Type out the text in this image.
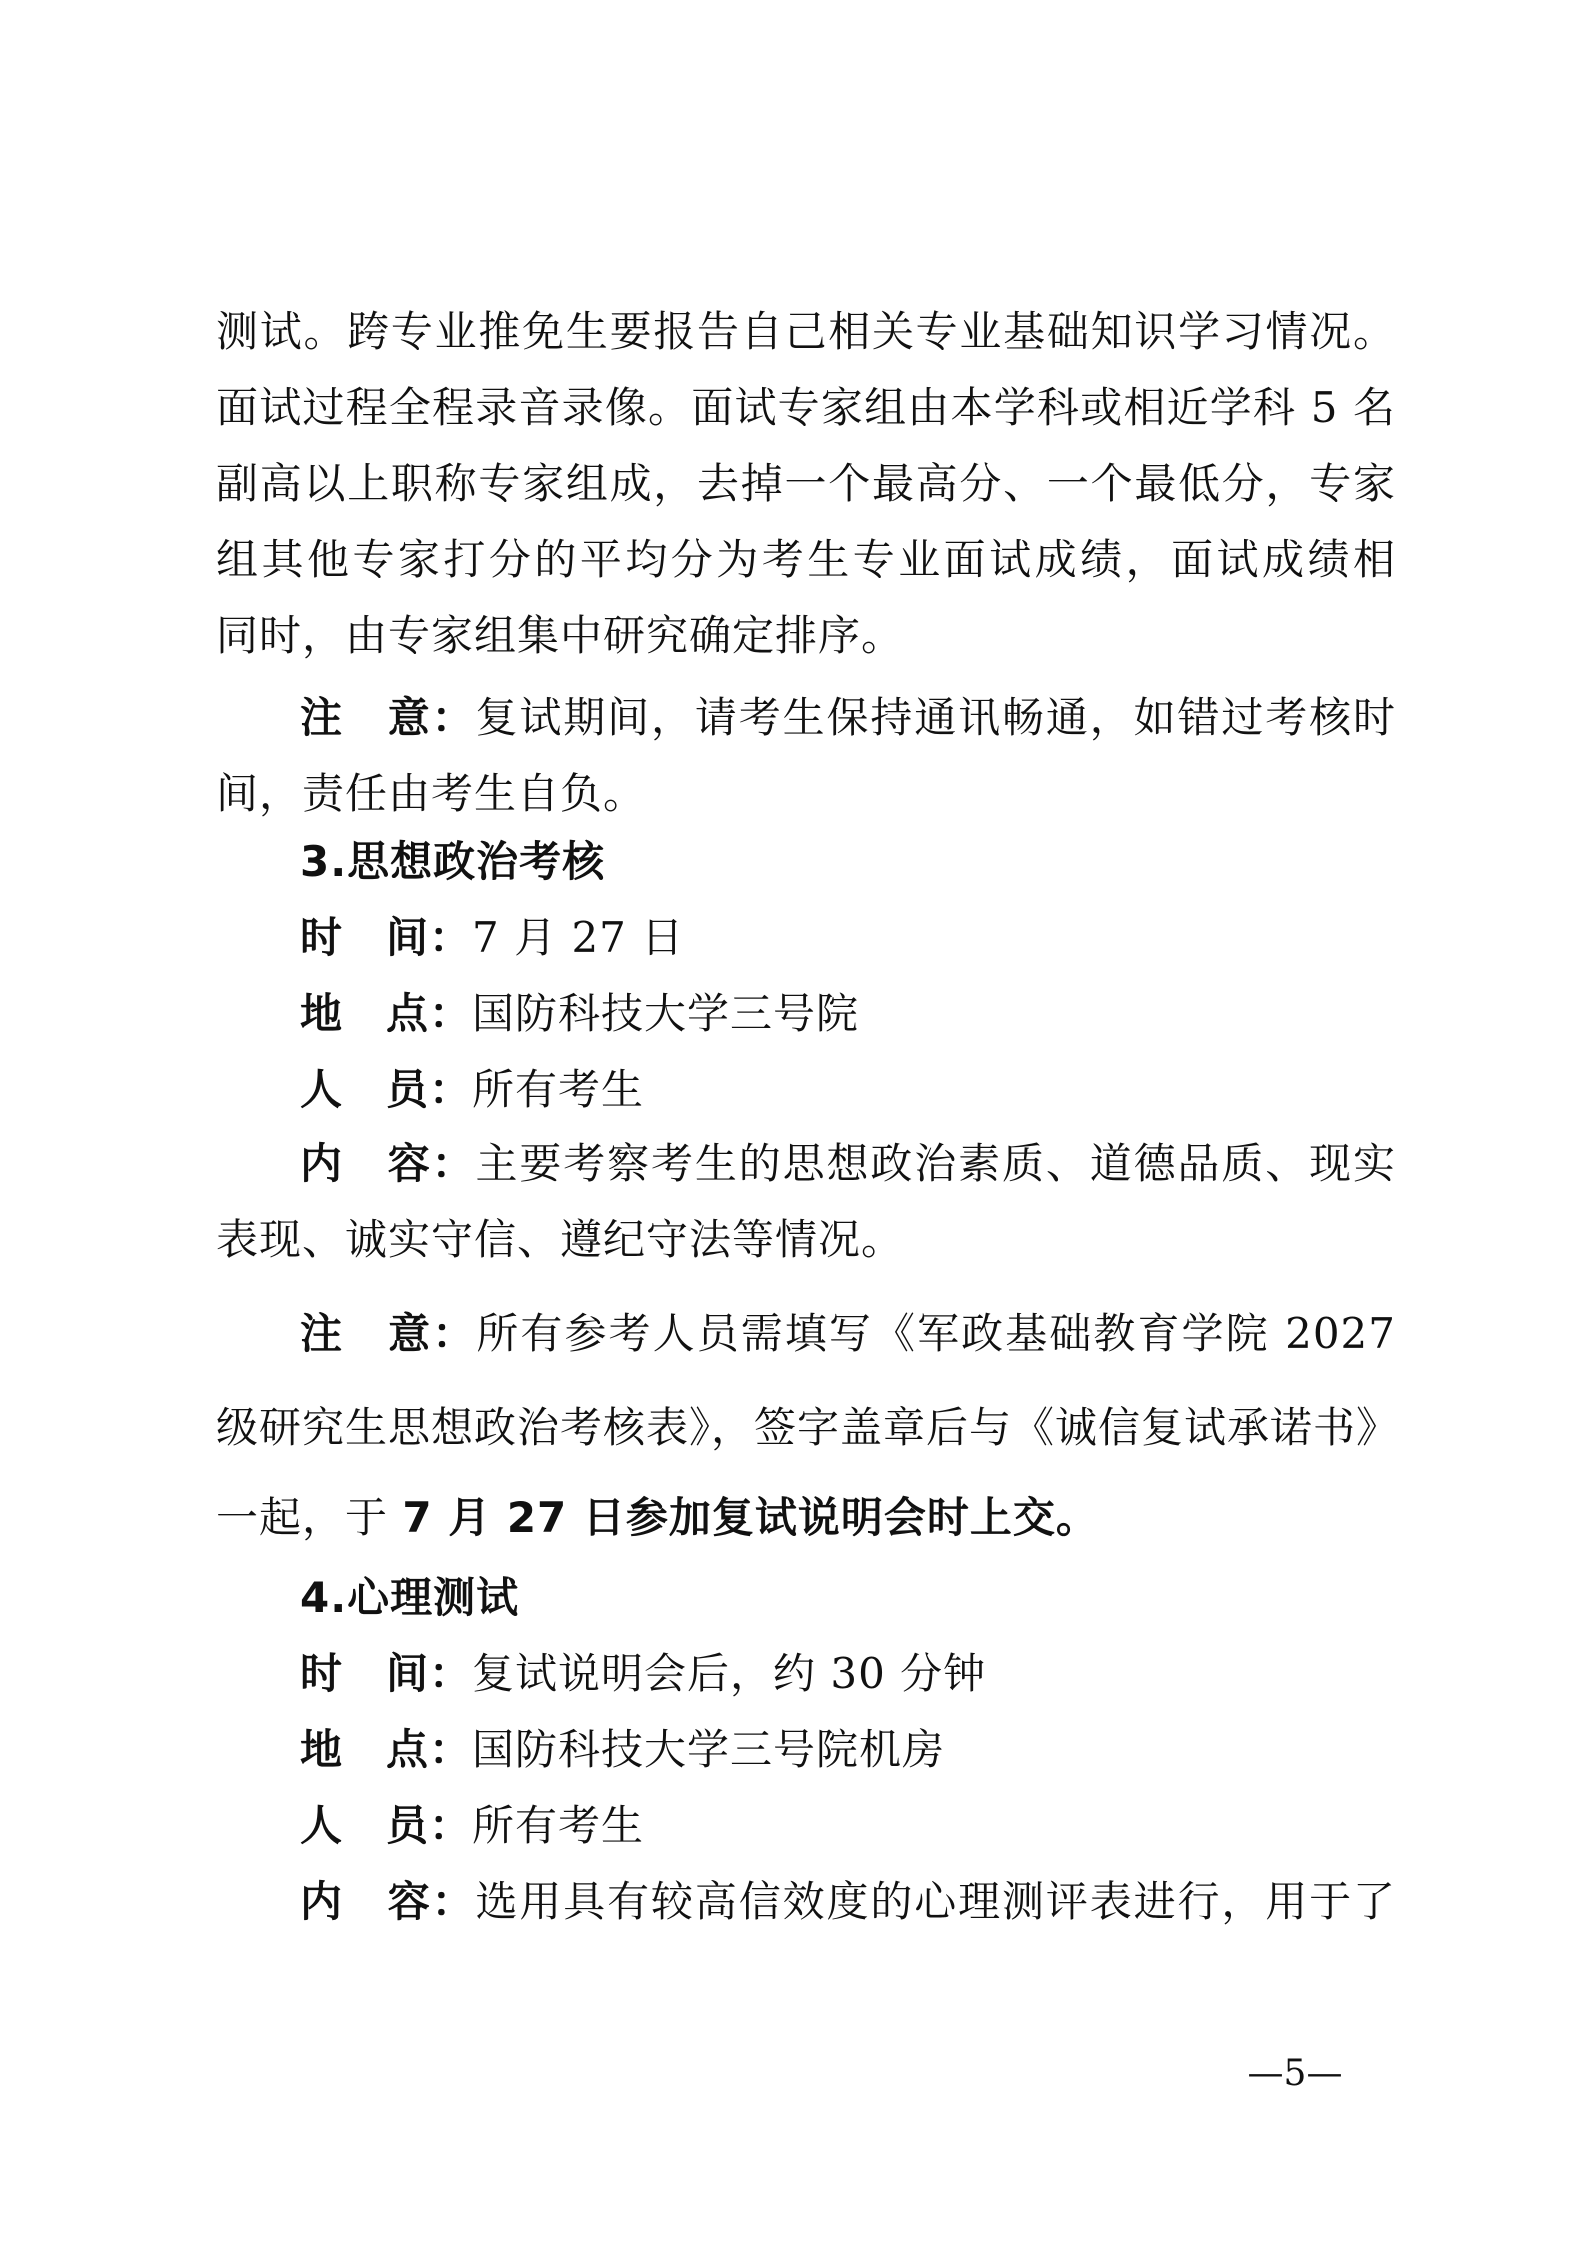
测试。跨专业推免生要报告自己相关专业基础知识学习情况。
面试过程全程录音录像。面试专家组由本学科或相近学科 5 名
副高以上职称专家组成，去掉一个最高分、一个最低分，专家
组其他专家打分的平均分为考生专业面试成绩，面试成绩相
同时，由专家组集中研究确定排序。
注　意：复试期间，请考生保持通讯畅通，如错过考核时
间，责任由考生自负。
3.思想政治考核
时　间：7 月 27 日
地　点：国防科技大学三号院
人　员：所有考生
内　容：主要考察考生的思想政治素质、道德品质、现实
表现、诚实守信、遵纪守法等情况。
注　意：所有参考人员需填写《军政基础教育学院 2027
级研究生思想政治考核表》，签字盖章后与《诚信复试承诺书》
一起，于 7 月 27 日参加复试说明会时上交。
4.心理测试
时　间：复试说明会后，约 30 分钟
地　点：国防科技大学三号院机房
人　员：所有考生
内　容：选用具有较高信效度的心理测评表进行，用于了
—5—
